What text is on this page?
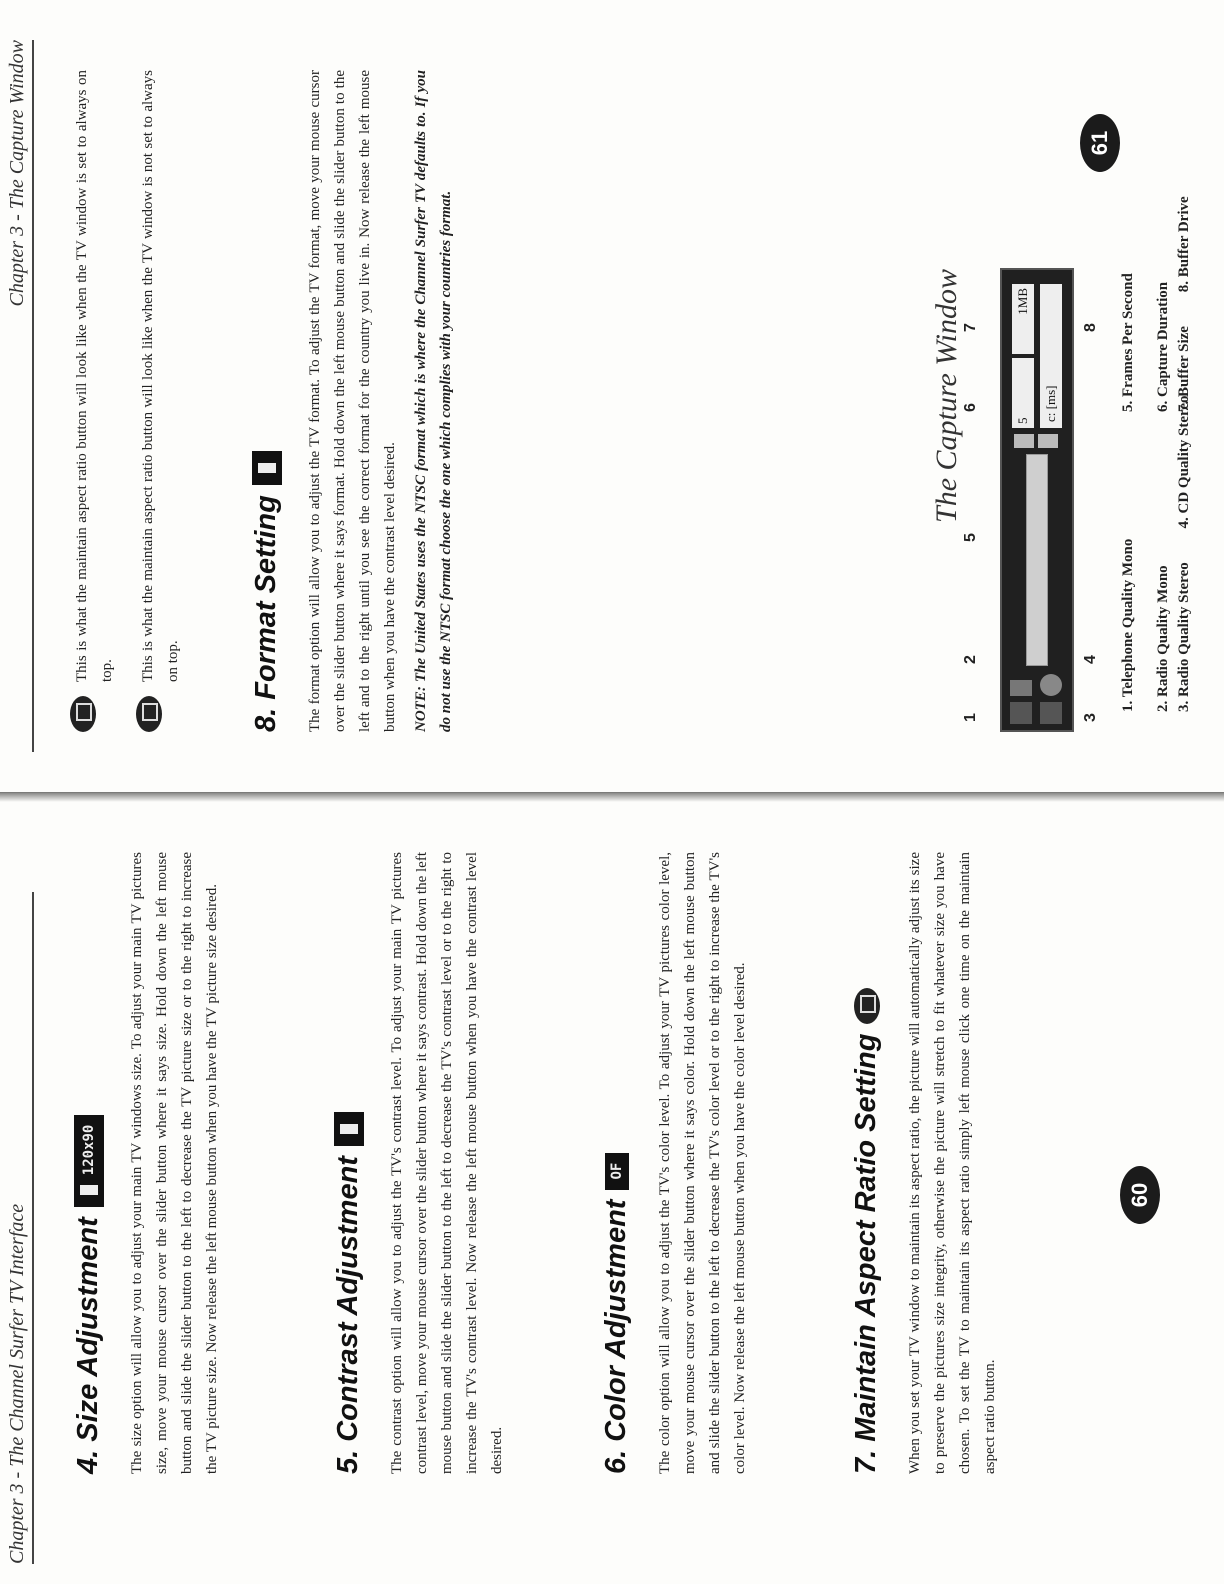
Chapter 3 - The Channel Surfer TV Interface 4. Size Adjustment
120x90 The size option will allow you to adjust your main TV windows size. To adjust your main TV pictures size, move your mouse cursor over the slider button where it says size. Hold down the left mouse button and slide the slider button to the left to decrease the TV picture size or to the right to increase the TV picture size. Now release the left mouse button when you have the TV picture size desired.	5. Contrast Adjustment The contrast option will allow you to adjust the TV's contrast level. To adjust your main TV pictures contrast level, move your mouse cursor over the slider button where it says contrast. Hold down the left mouse button and slide the slider button to the left to decrease the TV's contrast level or to the right to increase the TV's contrast level. Now release the left mouse button when you have the contrast level desired.	6. Color Adjustment
OF The color option will allow you to adjust the TV's color level. To adjust your TV pictures color level, move your mouse cursor over the slider button where it says color. Hold down the left mouse button and slide the slider button to the left to decrease the TV's color level or to the right to increase the TV's color level. Now release the left mouse button when you have the color level desired.	7. Maintain Aspect Ratio Setting When you set your TV window to maintain its aspect ratio, the picture will automatically adjust its size to preserve the pictures size integrity, otherwise the picture will stretch to fit whatever size you have chosen. To set the TV to maintain its aspect ratio simply left mouse click one time on the maintain aspect ratio button.

60
Chapter 3 - The Capture Window	This is what the maintain aspect ratio button will look like when the TV window is set to always on top.	This is what the maintain aspect ratio button will look like when the TV window is not set to always on top. 8. Format Setting The format option will allow you to adjust the TV format. To adjust the TV format, move your mouse cursor over the slider button where it says format. Hold down the left mouse button and slide the slider button to the left and to the right until you see the correct format for the country you live in. Now release the left mouse button when you have the contrast level desired.	NOTE: The United States uses the NTSC format which is where the Channel Surfer TV defaults to. If you do not use the NTSC format choose the one which complies with your countries format.	The Capture Window	5
1MB
c: [ms]
1
2
3
4
5
6
7	8
1. Telephone Quality Mono 2. Radio Quality Mono
5. Frames Per Second 6. Capture Duration
3. Radio Quality Stereo 4. CD Quality Stereo
7. Buffer Size 8. Buffer Drive
61
